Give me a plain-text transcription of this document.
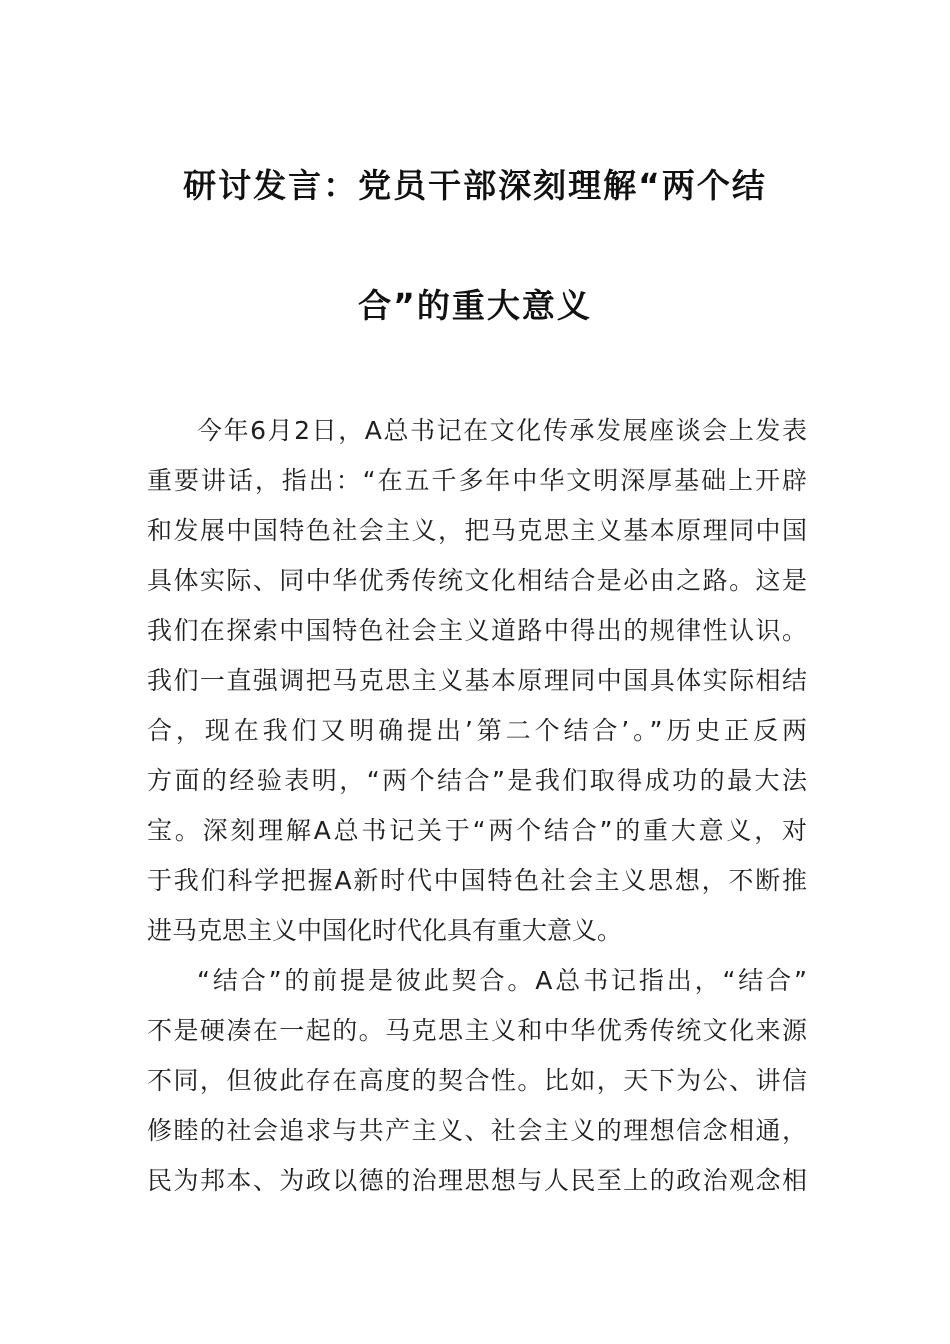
研讨发言：党员干部深刻理解“两个结
合”的重大意义
今年6月2日，A总书记在文化传承发展座谈会上发表
重要讲话，指出：“在五千多年中华文明深厚基础上开辟
和发展中国特色社会主义，把马克思主义基本原理同中国
具体实际、同中华优秀传统文化相结合是必由之路。这是
我们在探索中国特色社会主义道路中得出的规律性认识。
我们一直强调把马克思主义基本原理同中国具体实际相结
合，现在我们又明确提出’第二个结合’。”历史正反两
方面的经验表明，“两个结合”是我们取得成功的最大法
宝。深刻理解A总书记关于“两个结合”的重大意义，对
于我们科学把握A新时代中国特色社会主义思想，不断推
进马克思主义中国化时代化具有重大意义。
“结合”的前提是彼此契合。A总书记指出，“结合”
不是硬凑在一起的。马克思主义和中华优秀传统文化来源
不同，但彼此存在高度的契合性。比如，天下为公、讲信
修睦的社会追求与共产主义、社会主义的理想信念相通，
民为邦本、为政以德的治理思想与人民至上的政治观念相
